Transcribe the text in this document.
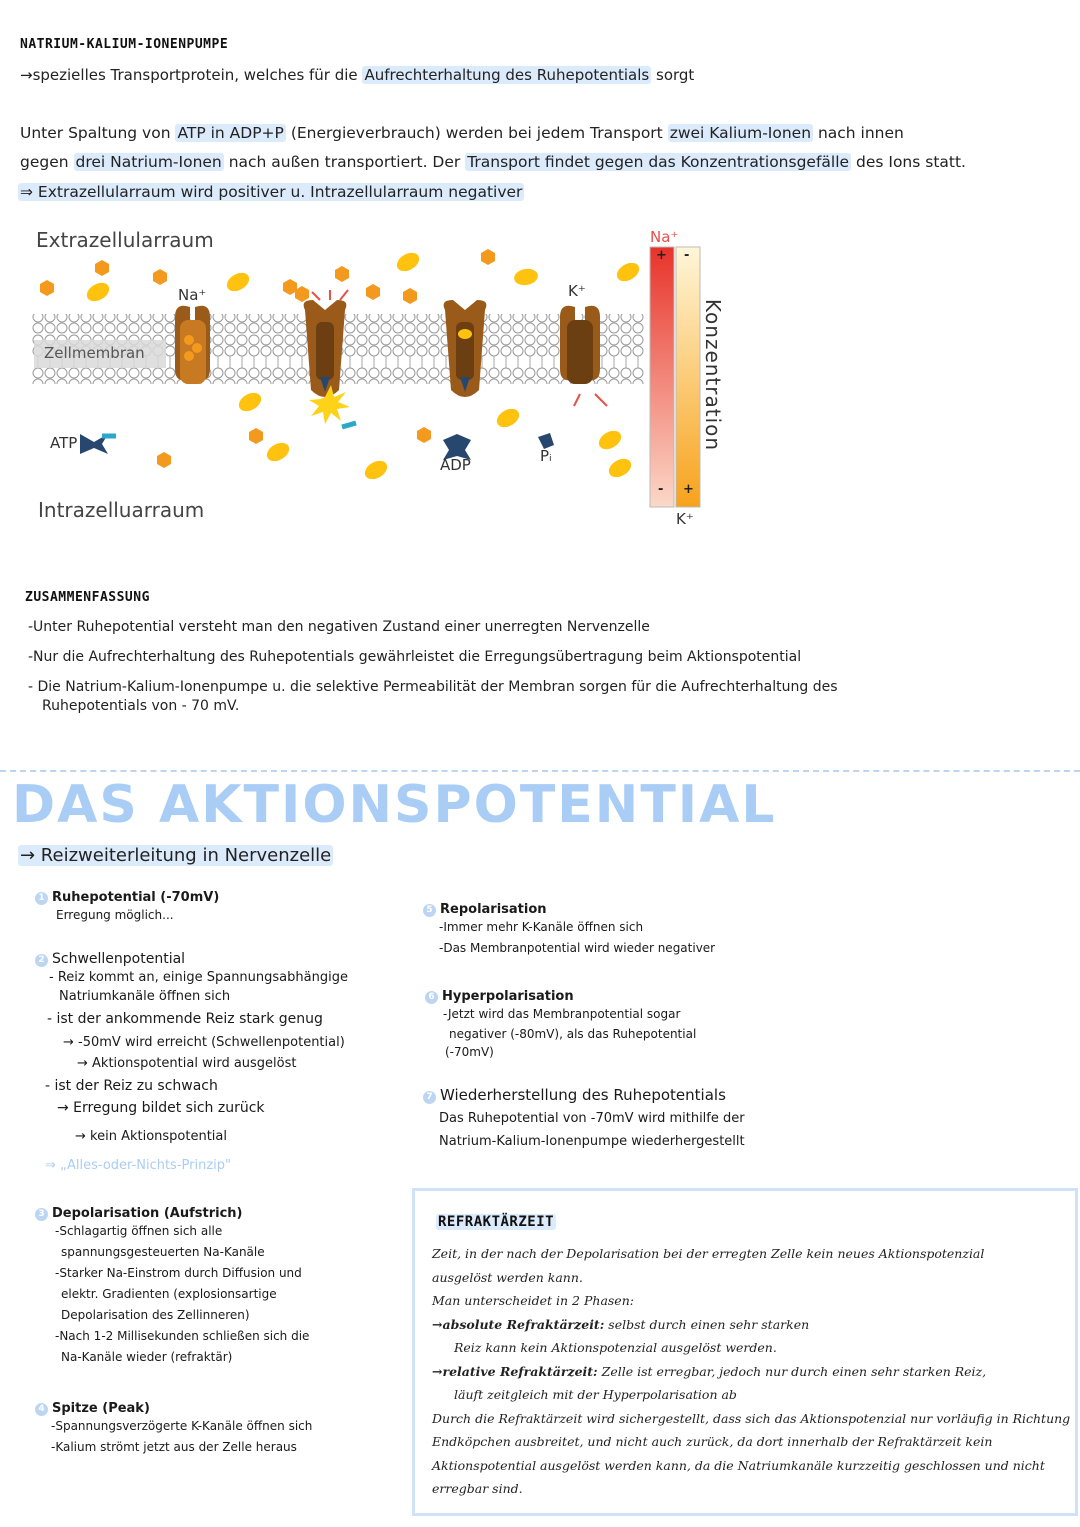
NATRIUM-KALIUM-IONENPUMPE
→spezielles Transportprotein, welches für die Aufrechterhaltung des Ruhepotentials sorgt
Unter Spaltung von ATP in ADP+P (Energieverbrauch) werden bei jedem Transport zwei Kalium-Ionen nach innen
gegen drei Natrium-Ionen nach außen transportiert. Der Transport findet gegen das Konzentrationsgefälle des Ions statt.
⇒ Extrazellularraum wird positiver u. Intrazellularraum negativer
Extrazellularraum
Intrazelluarraum
Zellmembran
Na⁺	K⁺
ATP
ADP	Pᵢ
Na⁺
K⁺
+ -
- +
Konzentration
ZUSAMMENFASSUNG
-Unter Ruhepotential versteht man den negativen Zustand einer unerregten Nervenzelle
-Nur die Aufrechterhaltung des Ruhepotentials gewährleistet die Erregungsübertragung beim Aktionspotential
- Die Natrium-Kalium-Ionenpumpe u. die selektive Permeabilität der Membran sorgen für die Aufrechterhaltung des
Ruhepotentials von - 70 mV.
DAS AKTIONSPOTENTIAL
→ Reizweiterleitung in Nervenzelle
1 Ruhepotential (-70mV)
Erregung möglich...
2 Schwellenpotential
- Reiz kommt an, einige Spannungsabhängige
Natriumkanäle öffnen sich
- ist der ankommende Reiz stark genug
→ -50mV wird erreicht (Schwellenpotential)
→ Aktionspotential wird ausgelöst
- ist der Reiz zu schwach
→ Erregung bildet sich zurück
→ kein Aktionspotential
⇒ „Alles-oder-Nichts-Prinzip"
3 Depolarisation (Aufstrich)
-Schlagartig öffnen sich alle
spannungsgesteuerten Na-Kanäle
-Starker Na-Einstrom durch Diffusion und
elektr. Gradienten (explosionsartige
Depolarisation des Zellinneren)
-Nach 1-2 Millisekunden schließen sich die
Na-Kanäle wieder (refraktär)
4 Spitze (Peak)
-Spannungsverzögerte K-Kanäle öffnen sich
-Kalium strömt jetzt aus der Zelle heraus
5 Repolarisation
-Immer mehr K-Kanäle öffnen sich
-Das Membranpotential wird wieder negativer
6 Hyperpolarisation
-Jetzt wird das Membranpotential sogar
negativer (-80mV), als das Ruhepotential
(-70mV)
7 Wiederherstellung des Ruhepotentials
Das Ruhepotential von -70mV wird mithilfe der
Natrium-Kalium-Ionenpumpe wiederhergestellt
REFRAKTÄRZEIT
Zeit, in der nach der Depolarisation bei der erregten Zelle kein neues Aktionspotenzial
ausgelöst werden kann.
Man unterscheidet in 2 Phasen:
→absolute Refraktärzeit: selbst durch einen sehr starken
Reiz kann kein Aktionspotenzial ausgelöst werden.
→relative Refraktärzeit: Zelle ist erregbar, jedoch nur durch einen sehr starken Reiz,
läuft zeitgleich mit der Hyperpolarisation ab
Durch die Refraktärzeit wird sichergestellt, dass sich das Aktionspotenzial nur vorläufig in Richtung
Endköpchen ausbreitet, und nicht auch zurück, da dort innerhalb der Refraktärzeit kein
Aktionspotential ausgelöst werden kann, da die Natriumkanäle kurzzeitig geschlossen und nicht
erregbar sind.
